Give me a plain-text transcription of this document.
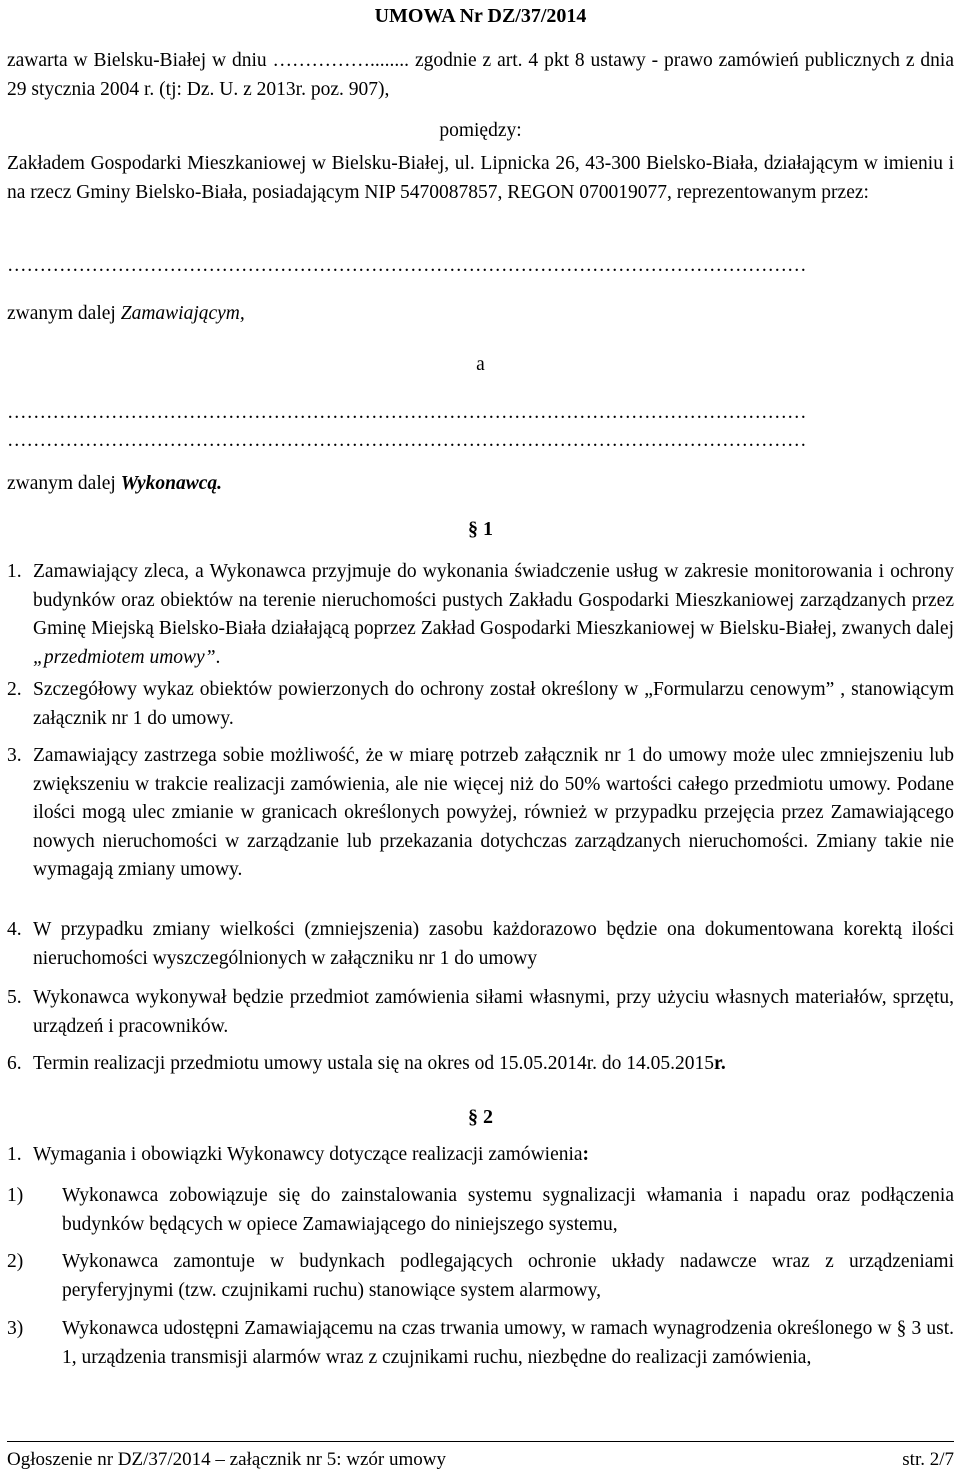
UMOWA Nr DZ/37/2014

zawarta w Bielsku-Białej w dniu ……………........ zgodnie z art. 4 pkt 8 ustawy - prawo zamówień publicznych z dnia 29 stycznia 2004 r. (tj: Dz. U. z 2013r. poz. 907),

pomiędzy:

Zakładem Gospodarki Mieszkaniowej w Bielsku-Białej, ul. Lipnicka 26, 43-300 Bielsko-Biała, działającym w imieniu i na rzecz Gminy Bielsko-Biała, posiadającym NIP 5470087857, REGON 070019077, reprezentowanym przez:

……………………………………………………………………………………………………………
zwanym dalej Zamawiającym,
a
……………………………………………………………………………………………………………
……………………………………………………………………………………………………………
zwanym dalej Wykonawcą.
§ 1
1. Zamawiający zleca, a Wykonawca przyjmuje do wykonania świadczenie usług w zakresie monitorowania i ochrony budynków oraz obiektów na terenie nieruchomości pustych Zakładu Gospodarki Mieszkaniowej zarządzanych przez Gminę Miejską Bielsko-Biała działającą poprzez Zakład Gospodarki Mieszkaniowej w Bielsku-Białej, zwanych dalej „przedmiotem umowy”.
2. Szczegółowy wykaz obiektów powierzonych do ochrony został określony w „Formularzu cenowym” , stanowiącym załącznik nr 1 do umowy.
3. Zamawiający zastrzega sobie możliwość, że w miarę potrzeb załącznik nr 1 do umowy może ulec zmniejszeniu lub zwiększeniu w trakcie realizacji zamówienia, ale nie więcej niż do 50% wartości całego przedmiotu umowy. Podane ilości mogą ulec zmianie w granicach określonych powyżej, również w przypadku przejęcia przez Zamawiającego nowych nieruchomości w zarządzanie lub przekazania dotychczas zarządzanych nieruchomości. Zmiany takie nie wymagają zmiany umowy.
4. W przypadku zmiany wielkości (zmniejszenia) zasobu każdorazowo będzie ona dokumentowana korektą ilości nieruchomości wyszczególnionych w załączniku nr 1 do umowy
5. Wykonawca wykonywał będzie przedmiot zamówienia siłami własnymi, przy użyciu własnych materiałów, sprzętu, urządzeń i pracowników.
6. Termin realizacji przedmiotu umowy ustala się na okres od 15.05.2014r. do 14.05.2015r.
§ 2
1. Wymagania i obowiązki Wykonawcy dotyczące realizacji zamówienia:
1)	Wykonawca zobowiązuje się do zainstalowania systemu sygnalizacji włamania i napadu oraz podłączenia budynków będących w opiece Zamawiającego do niniejszego systemu,
2)	Wykonawca zamontuje w budynkach podlegających ochronie układy nadawcze wraz z urządzeniami peryferyjnymi (tzw. czujnikami ruchu) stanowiące system alarmowy,
3)	Wykonawca udostępni Zamawiającemu na czas trwania umowy, w ramach wynagrodzenia określonego w § 3 ust. 1, urządzenia transmisji alarmów wraz z czujnikami ruchu, niezbędne do realizacji zamówienia,
Ogłoszenie nr DZ/37/2014 – załącznik nr 5: wzór umowy	str. 2/7
